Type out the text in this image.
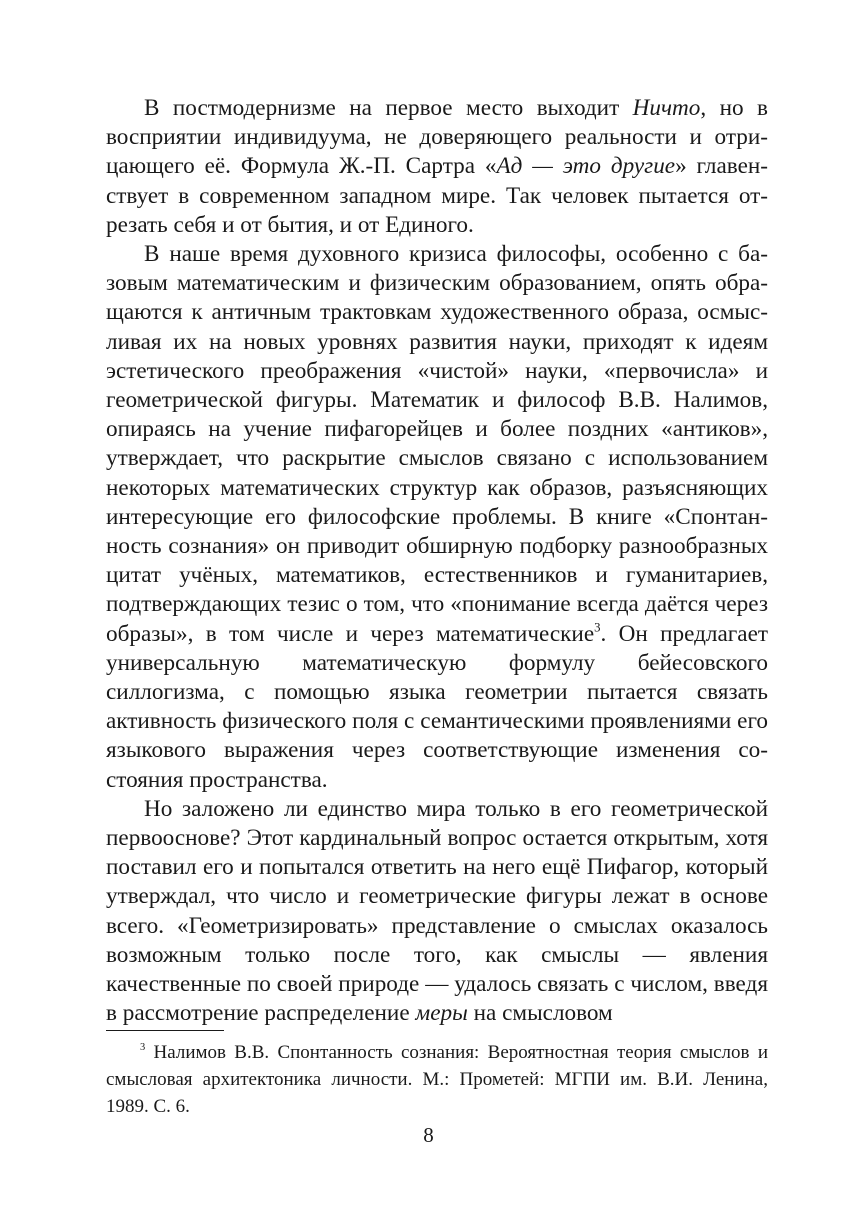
В постмодернизме на первое место выходит Ничто, но в восприятии индивидуума, не доверяющего реальности и отрицающего её. Формула Ж.-П. Сартра «Ад — это другие» главенствует в современном западном мире. Так человек пытается отрезать себя и от бытия, и от Единого.

В наше время духовного кризиса философы, особенно с базовым математическим и физическим образованием, опять обращаются к античным трактовкам художественного образа, осмысливая их на новых уровнях развития науки, приходят к идеям эстетического преображения «чистой» науки, «первочисла» и геометрической фигуры. Математик и философ В.В. Налимов, опираясь на учение пифагорейцев и более поздних «антиков», утверждает, что раскрытие смыслов связано с использованием некоторых математических структур как образов, разъясняющих интересующие его философские проблемы. В книге «Спонтанность сознания» он приводит обширную подборку разнообразных цитат учёных, математиков, естественников и гуманитариев, подтверждающих тезис о том, что «понимание всегда даётся через образы», в том числе и через математические$^3$. Он предлагает универсальную математическую формулу бейесовского силлогизма, с помощью языка геометрии пытается связать активность физического поля с семантическими проявлениями его языкового выражения через соответствующие изменения состояния пространства.

Но заложено ли единство мира только в его геометрической первооснове? Этот кардинальный вопрос остается открытым, хотя поставил его и попытался ответить на него ещё Пифагор, который утверждал, что число и геометрические фигуры лежат в основе всего. «Геометризировать» представление о смыслах оказалось возможным только после того, как смыслы — явления качественные по своей природе — удалось связать с числом, введя в рассмотрение распределение меры на смысловом

$^3$ Налимов В.В. Спонтанность сознания: Вероятностная теория смыслов и смысловая архитектоника личности. М.: Прометей: МГПИ им. В.И. Ленина, 1989. С. 6.

8
